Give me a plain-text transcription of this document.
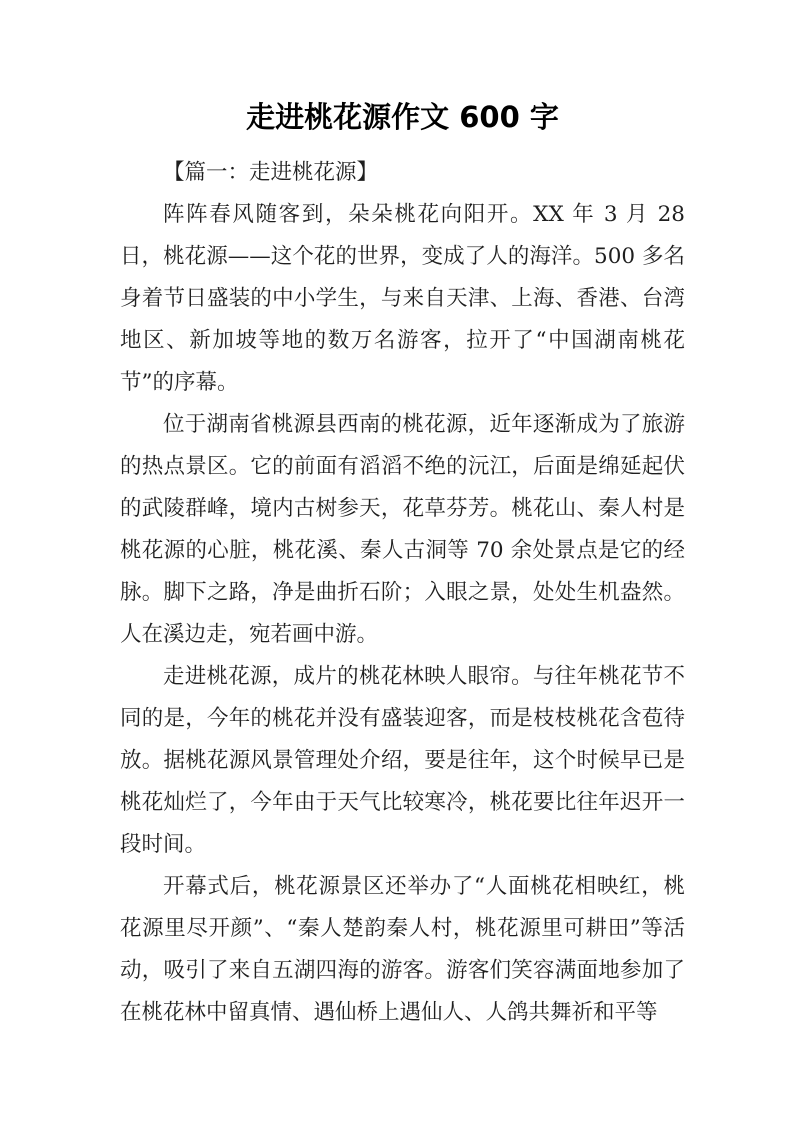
走进桃花源作文 600 字

【篇一：走进桃花源】

阵阵春风随客到，朵朵桃花向阳开。XX 年 3 月 28 日，桃花源——这个花的世界，变成了人的海洋。500 多名身着节日盛装的中小学生，与来自天津、上海、香港、台湾地区、新加坡等地的数万名游客，拉开了“中国湖南桃花节”的序幕。

位于湖南省桃源县西南的桃花源，近年逐渐成为了旅游的热点景区。它的前面有滔滔不绝的沅江，后面是绵延起伏的武陵群峰，境内古树参天，花草芬芳。桃花山、秦人村是桃花源的心脏，桃花溪、秦人古洞等 70 余处景点是它的经脉。脚下之路，净是曲折石阶；入眼之景，处处生机盎然。人在溪边走，宛若画中游。

走进桃花源，成片的桃花林映人眼帘。与往年桃花节不同的是，今年的桃花并没有盛装迎客，而是枝枝桃花含苞待放。据桃花源风景管理处介绍，要是往年，这个时候早已是桃花灿烂了，今年由于天气比较寒冷，桃花要比往年迟开一段时间。

开幕式后，桃花源景区还举办了“人面桃花相映红，桃花源里尽开颜”、“秦人楚韵秦人村，桃花源里可耕田”等活动，吸引了来自五湖四海的游客。游客们笑容满面地参加了在桃花林中留真情、遇仙桥上遇仙人、人鸽共舞祈和平等
